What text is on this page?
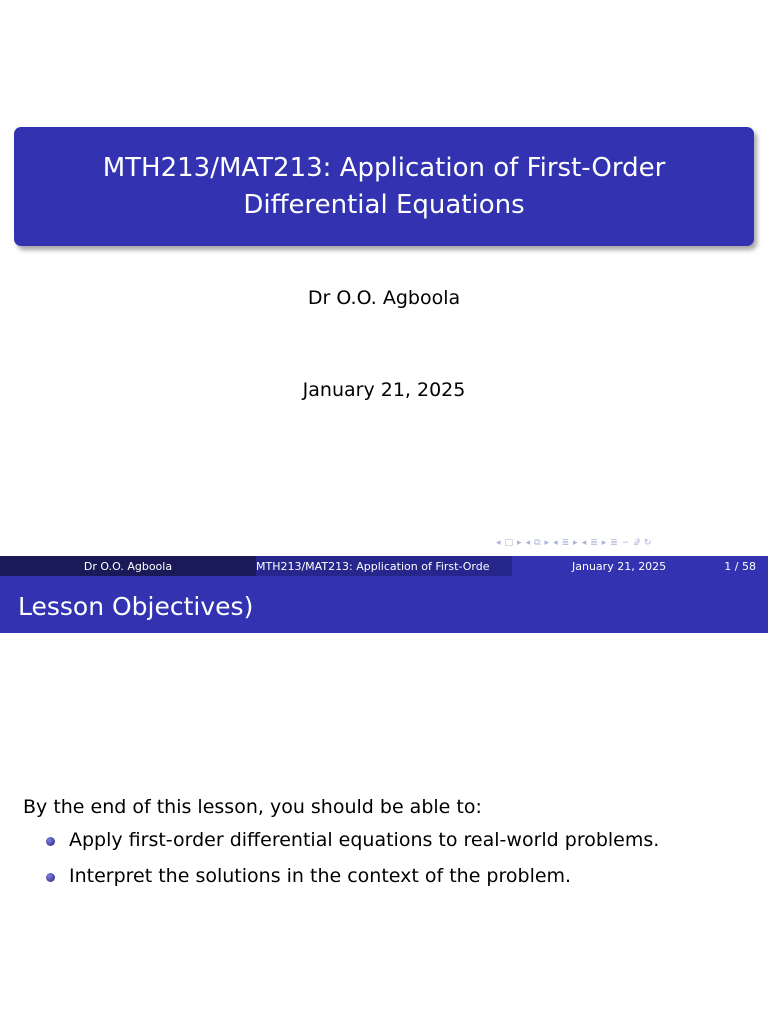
MTH213/MAT213: Application of First-Order
Differential Equations
Dr O.O. Agboola
January 21, 2025
◂ □ ▸ ◂ ⧉ ▸ ◂ ≣ ▸ ◂ ≣ ▸ ≣ ∽ 𝒬 ↻
Dr O.O. Agboola	MTH213/MAT213: Application of First-Orde	January 21, 2025	1 / 58
Lesson Objectives)

By the end of this lesson, you should be able to:

Apply first-order differential equations to real-world problems.
Interpret the solutions in the context of the problem.
